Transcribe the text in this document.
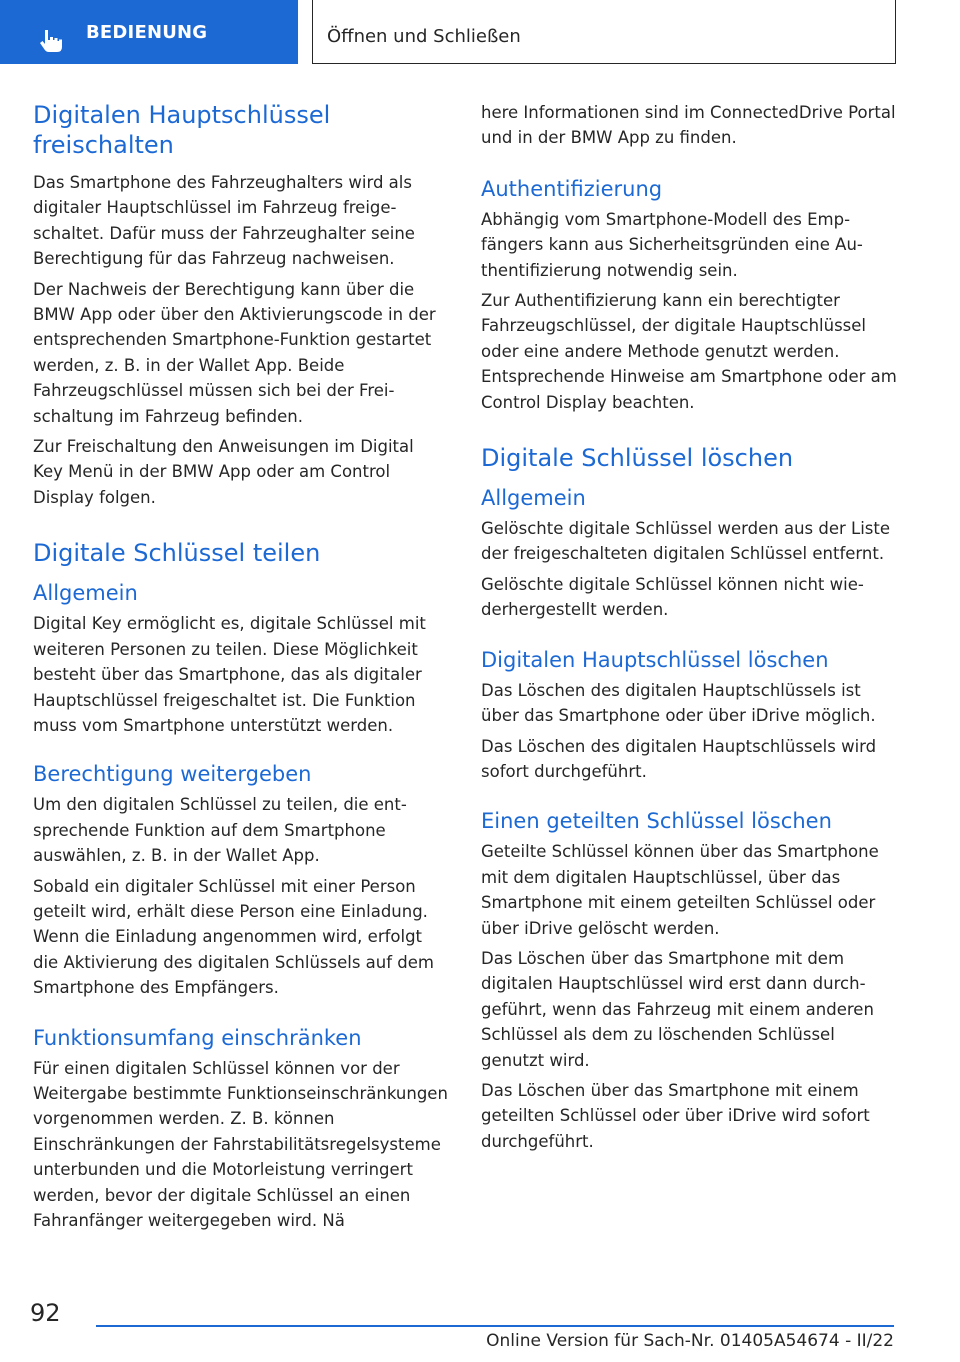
BEDIENUNG	Öffnen und Schließen
Digitalen Hauptschlüssel freischalten

Das Smartphone des Fahrzeughalters wird als digitaler Hauptschlüssel im Fahrzeug freigeschaltet. Dafür muss der Fahrzeughalter seine Berechtigung für das Fahrzeug nachweisen.

Der Nachweis der Berechtigung kann über die BMW App oder über den Aktivierungscode in der entsprechenden Smartphone-Funktion gestartet werden, z. B. in der Wallet App. Beide Fahrzeugschlüssel müssen sich bei der Freischaltung im Fahrzeug befinden.

Zur Freischaltung den Anweisungen im Digital Key Menü in der BMW App oder am Control Display folgen.

Digitale Schlüssel teilen
Allgemein

Digital Key ermöglicht es, digitale Schlüssel mit weiteren Personen zu teilen. Diese Möglichkeit besteht über das Smartphone, das als digitaler Hauptschlüssel freigeschaltet ist. Die Funktion muss vom Smartphone unterstützt werden.

Berechtigung weitergeben

Um den digitalen Schlüssel zu teilen, die entsprechende Funktion auf dem Smartphone auswählen, z. B. in der Wallet App.

Sobald ein digitaler Schlüssel mit einer Person geteilt wird, erhält diese Person eine Einladung. Wenn die Einladung angenommen wird, erfolgt die Aktivierung des digitalen Schlüssels auf dem Smartphone des Empfängers.

Funktionsumfang einschränken

Für einen digitalen Schlüssel können vor der Weitergabe bestimmte Funktionseinschränkungen vorgenommen werden. Z. B. können Einschränkungen der Fahrstabilitätsregelsysteme unterbunden und die Motorleistung verringert werden, bevor der digitale Schlüssel an einen Fahranfänger weitergegeben wird. Nä

here Informationen sind im ConnectedDrive Portal und in der BMW App zu finden.

Authentifizierung

Abhängig vom Smartphone-Modell des Empfängers kann aus Sicherheitsgründen eine Authentifizierung notwendig sein.

Zur Authentifizierung kann ein berechtigter Fahrzeugschlüssel, der digitale Hauptschlüssel oder eine andere Methode genutzt werden. Entsprechende Hinweise am Smartphone oder am Control Display beachten.

Digitale Schlüssel löschen
Allgemein

Gelöschte digitale Schlüssel werden aus der Liste der freigeschalteten digitalen Schlüssel entfernt.

Gelöschte digitale Schlüssel können nicht wiederhergestellt werden.

Digitalen Hauptschlüssel löschen

Das Löschen des digitalen Hauptschlüssels ist über das Smartphone oder über iDrive möglich.

Das Löschen des digitalen Hauptschlüssels wird sofort durchgeführt.

Einen geteilten Schlüssel löschen

Geteilte Schlüssel können über das Smartphone mit dem digitalen Hauptschlüssel, über das Smartphone mit einem geteilten Schlüssel oder über iDrive gelöscht werden.

Das Löschen über das Smartphone mit dem digitalen Hauptschlüssel wird erst dann durchgeführt, wenn das Fahrzeug mit einem anderen Schlüssel als dem zu löschenden Schlüssel genutzt wird.

Das Löschen über das Smartphone mit einem geteilten Schlüssel oder über iDrive wird sofort durchgeführt.

92
Online Version für Sach-Nr. 01405A54674 - II/22
